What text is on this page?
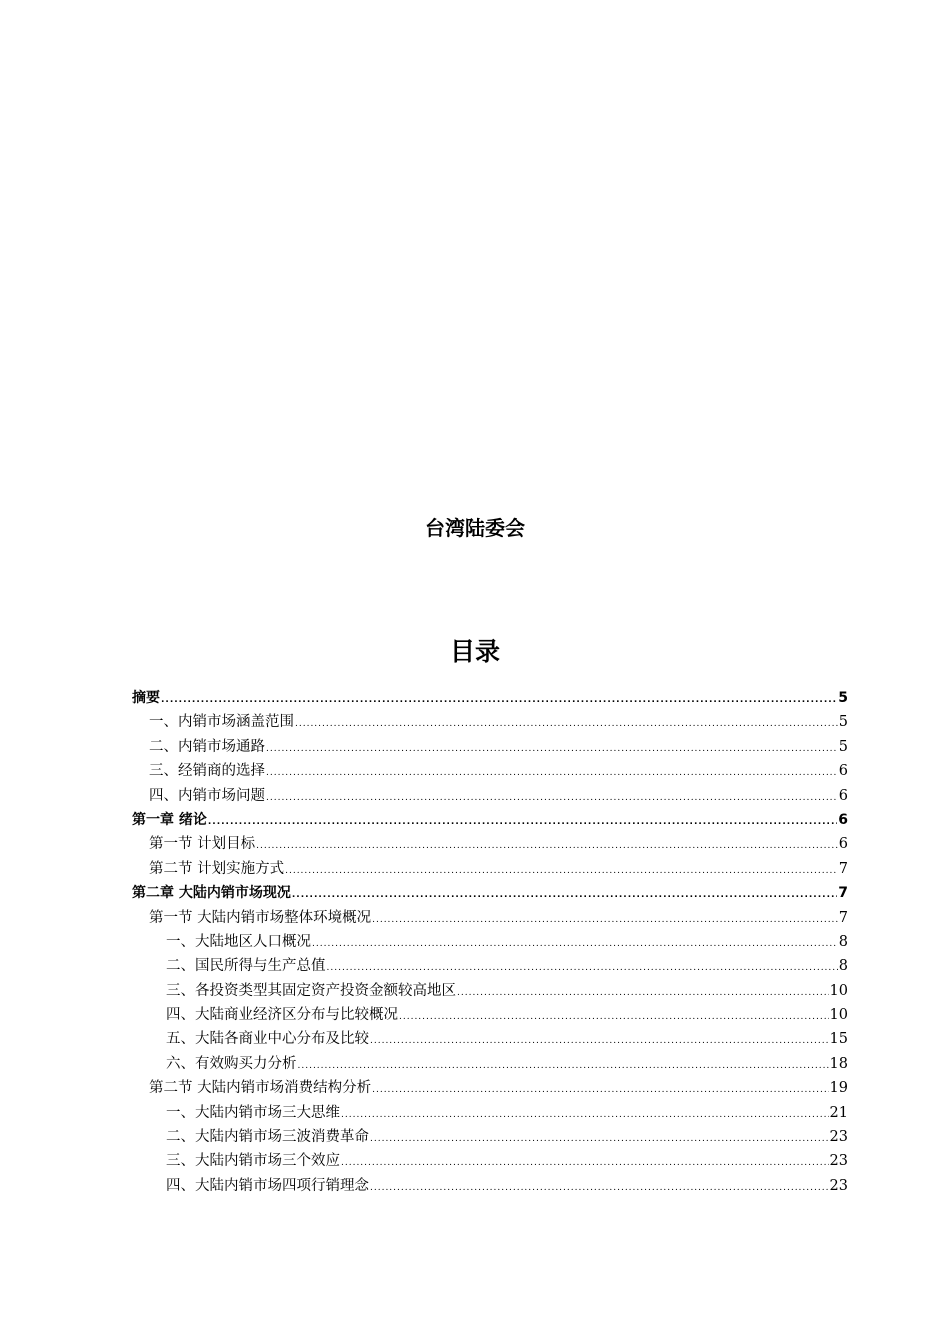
台湾陆委会
目录
摘要 .....	5
一、内销市场涵盖范围 .....	5
二、内销市场通路 .....	5
三、经销商的选择 .....	6
四、内销市场问题 .....	6
第一章 绪论 .....	6
第一节 计划目标 .....	6
第二节 计划实施方式 .....	7
第二章 大陆内销市场现况 .....	7
第一节 大陆内销市场整体环境概况 .....	7
一、大陆地区人口概况 .....	8
二、国民所得与生产总值 .....	8
三、各投资类型其固定资产投资金额较高地区 .....	10
四、大陆商业经济区分布与比较概况 .....	10
五、大陆各商业中心分布及比较 .....	15
六、有效购买力分析 .....	18
第二节 大陆内销市场消费结构分析 .....	19
一、大陆内销市场三大思维 .....	21
二、大陆内销市场三波消费革命 .....	23
三、大陆内销市场三个效应 .....	23
四、大陆内销市场四项行销理念 .....	23
